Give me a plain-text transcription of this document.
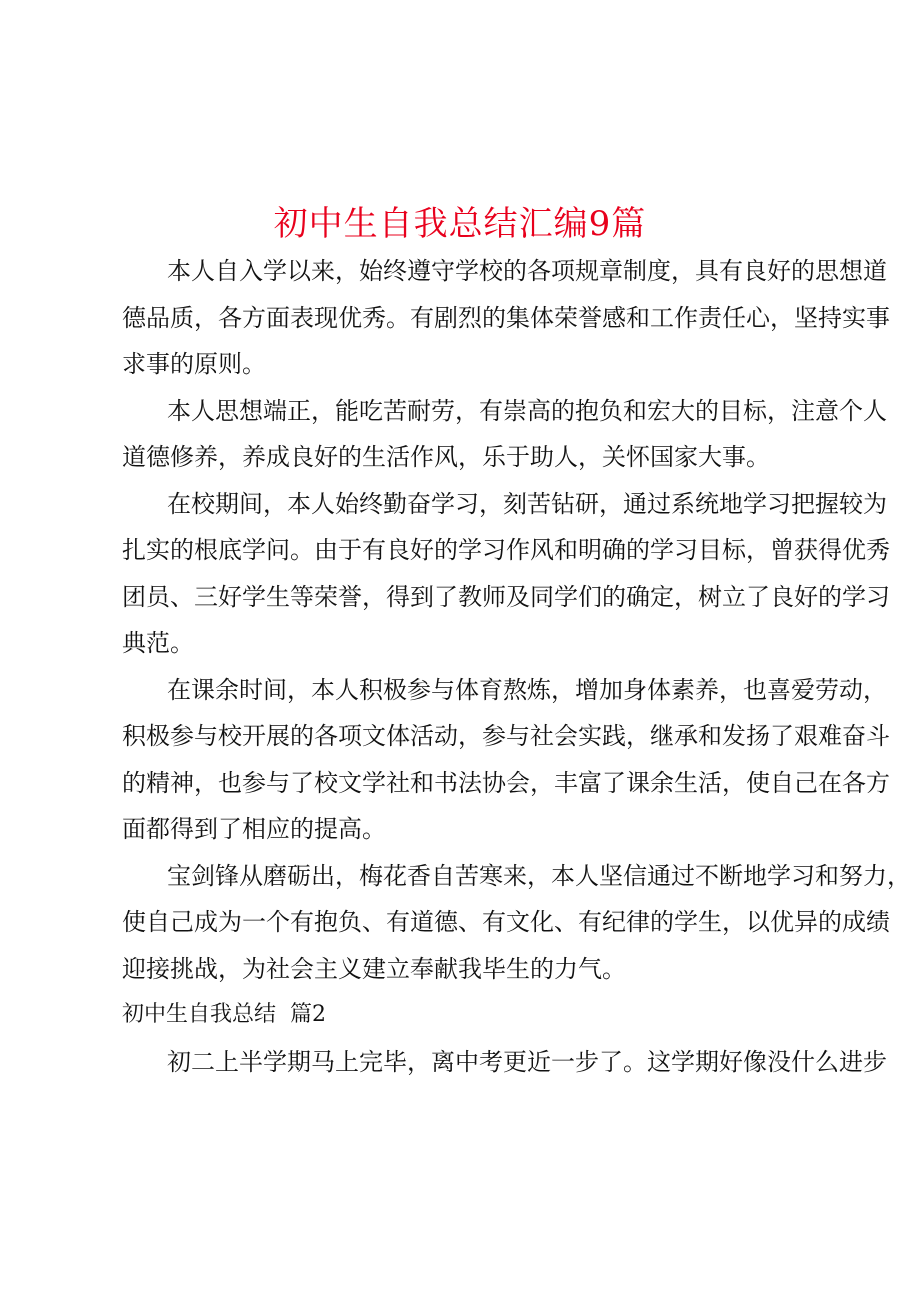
初中生自我总结汇编9篇
本人自入学以来，始终遵守学校的各项规章制度，具有良好的思想道
德品质，各方面表现优秀。有剧烈的集体荣誉感和工作责任心，坚持实事
求事的原则。
本人思想端正，能吃苦耐劳，有崇高的抱负和宏大的目标，注意个人
道德修养，养成良好的生活作风，乐于助人，关怀国家大事。
在校期间，本人始终勤奋学习，刻苦钻研，通过系统地学习把握较为
扎实的根底学问。由于有良好的学习作风和明确的学习目标，曾获得优秀
团员、三好学生等荣誉，得到了教师及同学们的确定，树立了良好的学习
典范。
在课余时间，本人积极参与体育熬炼，增加身体素养，也喜爱劳动，
积极参与校开展的各项文体活动，参与社会实践，继承和发扬了艰难奋斗
的精神，也参与了校文学社和书法协会，丰富了课余生活，使自己在各方
面都得到了相应的提高。
宝剑锋从磨砺出，梅花香自苦寒来，本人坚信通过不断地学习和努力，
使自己成为一个有抱负、有道德、有文化、有纪律的学生，以优异的成绩
迎接挑战，为社会主义建立奉献我毕生的力气。
初中生自我总结  篇2
初二上半学期马上完毕，离中考更近一步了。这学期好像没什么进步
